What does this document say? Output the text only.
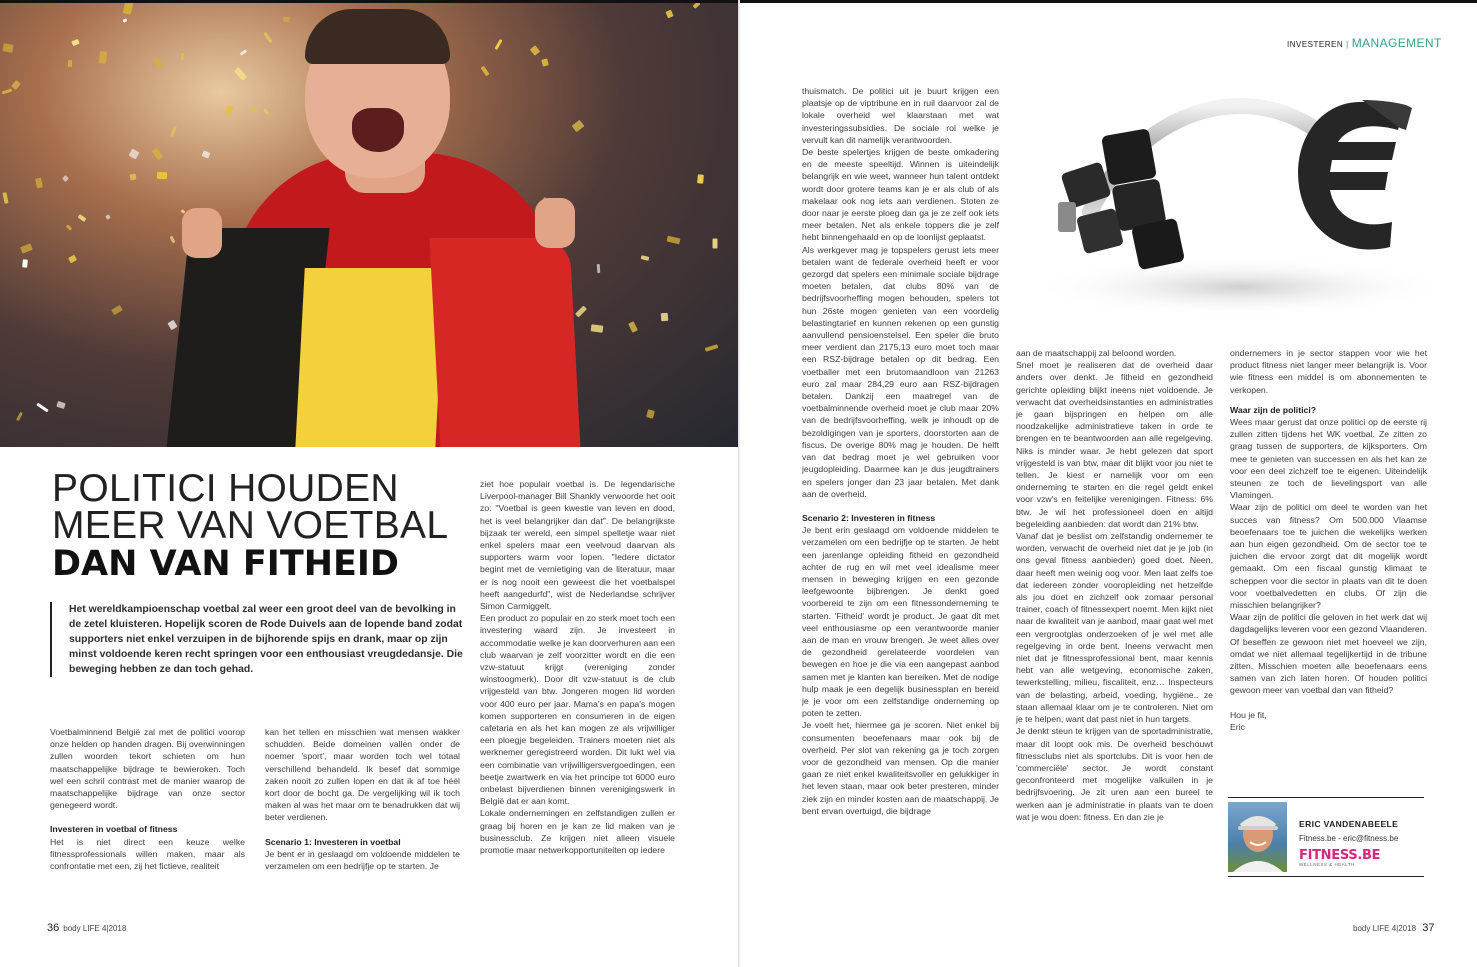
POLITICI HOUDEN
MEER VAN VOETBAL
DAN VAN FITHEID

Het wereldkampioenschap voetbal zal weer een groot deel van de bevolking in de zetel kluisteren. Hopelijk scoren de Rode Duivels aan de lopende band zodat supporters niet enkel verzuipen in de bijhorende spijs en drank, maar op zijn minst voldoende keren recht springen voor een enthousiast vreugdedansje. Die beweging hebben ze dan toch gehad.

Voetbalminnend België zal met de politici voorop onze helden op handen dragen. Bij overwinningen zullen woorden tekort schieten om hun maatschappelijke bijdrage te bewieroken. Toch wel een schril contrast met de manier waarop de maatschappelijke bijdrage van onze sector genegeerd wordt.

Investeren in voetbal of fitness

Het is niet direct een keuze welke fitnessprofessionals willen maken, maar als confrontatie met een, zij het fictieve, realiteit

kan het tellen en misschien wat mensen wakker schudden. Beide domeinen vallen onder de noemer 'sport', maar worden toch wel totaal verschillend behandeld. Ik besef dat sommige zaken nooit zo zullen lopen en dat ik af toe héél kort door de bocht ga. De vergelijking wil ik toch maken al was het maar om te benadrukken dat wij beter verdienen.

Scenario 1: Investeren in voetbal

Je bent er in geslaagd om voldoende middelen te verzamelen om een bedrijfje op te starten. Je

ziet hoe populair voetbal is. De legendarische Liverpool-manager Bill Shankly verwoorde het ooit zo: "Voetbal is geen kwestie van leven en dood, het is veel belangrijker dan dat". De belangrijkste bijzaak ter wereld, een simpel spelletje waar niet enkel spelers maar een veelvoud daarvan als supporters warm voor lopen. "Iedere dictator begint met de vernietiging van de literatuur, maar er is nog nooit een geweest die het voetbalspel heeft aangedurfd", wist de Nederlandse schrijver Simon Carmiggelt.

Een product zo populair en zo sterk moet toch een investering waard zijn. Je investeert in accommodatie welke je kan doorverhuren aan een club waarvan je zelf voorzitter wordt en die een vzw-statuut krijgt (vereniging zonder winstoogmerk). Door dit vzw-statuut is de club vrijgesteld van btw. Jongeren mogen lid worden voor 400 euro per jaar. Mama's en papa's mogen komen supporteren en consumeren in de eigen cafetaria en als het kan mogen ze als vrijwilliger een ploegje begeleiden. Trainers moeten niet als werknemer geregistreerd worden. Dit lukt wel via een combinatie van vrijwilligersvergoedingen, een beetje zwartwerk en via het principe tot 6000 euro onbelast bijverdienen binnen verenigingswerk in België dat er aan komt.

Lokale ondernemingen en zelfstandigen zullen er graag bij horen en je kan ze lid maken van je businessclub. Ze krijgen niet alleen visuele promotie maar netwerkopportuniteiten op iedere

thuismatch. De politici uit je buurt krijgen een plaatsje op de viptribune en in ruil daarvoor zal de lokale overheid wel klaarstaan met wat investeringssubsidies. De sociale rol welke je vervult kan dit namelijk verantwoorden.

De beste spelertjes krijgen de beste omkadering en de meeste speeltijd. Winnen is uiteindelijk belangrijk en wie weet, wanneer hun talent ontdekt wordt door grotere teams kan je er als club of als makelaar ook nog iets aan verdienen. Stoten ze door naar je eerste ploeg dan ga je ze zelf ook iets meer betalen. Net als enkele toppers die je zelf hebt binnengehaald en op de loonlijst geplaatst.

Als werkgever mag je topspelers gerust iets meer betalen want de federale overheid heeft er voor gezorgd dat spelers een minimale sociale bijdrage moeten betalen, dat clubs 80% van de bedrijfsvoorheffing mogen behouden, spelers tot hun 26ste mogen genieten van een voordelig belastingtarief en kunnen rekenen op een gunstig aanvullend pensioenstelsel. Een speler die bruto meer verdient dan 2175,13 euro moet toch maar een RSZ-bijdrage betalen op dit bedrag. Een voetballer met een brutomaandloon van 21263 euro zal maar 284,29 euro aan RSZ-bijdragen betalen. Dankzij een maatregel van de voetbalminnende overheid moet je club maar 20% van de bedrijfsvoorheffing, welk je inhoudt op de bezoldigingen van je sporters, doorstorten aan de fiscus. De overige 80% mag je houden. De helft van dat bedrag moet je wel gebruiken voor jeugdopleiding. Daarmee kan je dus jeugdtrainers en spelers jonger dan 23 jaar betalen. Met dank aan de overheid.

Scenario 2: Investeren in fitness

Je bent erin geslaagd om voldoende middelen te verzamelen om een bedrijfje op te starten. Je hebt een jarenlange opleiding fitheid en gezondheid achter de rug en wil met veel idealisme meer mensen in beweging krijgen en een gezonde leefgewoonte bijbrengen. Je denkt goed voorbereid te zijn om een fitnessonderneming te starten. 'Fitheid' wordt je product. Je gaat dit met veel enthousiasme op een verantwoorde manier aan de man en vrouw brengen. Je weet alles over de gezondheid gerelateerde voordelen van bewegen en hoe je die via een aangepast aanbod samen met je klanten kan bereiken. Met de nodige hulp maak je een degelijk businessplan en bereid je je voor om een zelfstandige onderneming op poten te zetten.

Je voelt het, hiermee ga je scoren. Niet enkel bij consumenten beoefenaars maar ook bij de overheid. Per slot van rekening ga je toch zorgen voor de gezondheid van mensen. Op die manier gaan ze niet enkel kwaliteitsvoller en gelukkiger in het leven staan, maar ook beter presteren, minder ziek zijn en minder kosten aan de maatschappij. Je bent ervan overtuigd, die bijdrage

aan de maatschappij zal beloond worden.

Snel moet je realiseren dat de overheid daar anders over denkt. Je fitheid en gezondheid gerichte opleiding blijkt ineens niet voldoende. Je verwacht dat overheidsinstanties en administraties je gaan bijspringen en helpen om alle noodzakelijke administratieve taken in orde te brengen en te beantwoorden aan alle regelgeving. Niks is minder waar. Je hebt gelezen dat sport vrijgesteld is van btw, maar dit blijkt voor jou niet te tellen. Je kiest er namelijk voor om een onderneming te starten en die regel geldt enkel voor vzw's en feitelijke verenigingen. Fitness: 6% btw. Je wil het professioneel doen en altijd begeleiding aanbieden: dat wordt dan 21% btw.

Vanaf dat je beslist om zelfstandig ondernemer te worden, verwacht de overheid niet dat je je job (in ons geval fitness aanbieden) goed doet. Neen, daar heeft men weinig oog voor. Men laat zelfs toe dat iedereen zonder vooropleiding net hetzelfde als jou doet en zichzelf ook zomaar personal trainer, coach of fitnessexpert noemt. Men kijkt niet naar de kwaliteit van je aanbod, maar gaat wel met een vergrootglas onderzoeken of je wel met alle regelgeving in orde bent. Ineens verwacht men niet dat je fitnessprofessional bent, maar kennis hebt van alle wetgeving, economische zaken, tewerkstelling, milieu, fiscaliteit, enz… Inspecteurs van de belasting, arbeid, voeding, hygiëne.. ze staan allemaal klaar om je te controleren. Niet om je te helpen, want dat past niet in hun targets.

Je denkt steun te krijgen van de sportadministratie, maar dit loopt ook mis. De overheid beschouwt fitnessclubs niet als sportclubs. Dit is voor hen de 'commerciële' sector. Je wordt constant geconfronteerd met mogelijke valkuilen in je bedrijfsvoering. Je zit uren aan een bureel te werken aan je administratie in plaats van te doen wat je wou doen: fitness. En dan zie je

ondernemers in je sector stappen voor wie het product fitness niet langer meer belangrijk is. Voor wie fitness een middel is om abonnementen te verkopen.

Waar zijn de politici?

Wees maar gerust dat onze politici op de eerste rij zullen zitten tijdens het WK voetbal. Ze zitten zo graag tussen de supporters, de kijksporters. Om mee te genieten van successen en als het kan ze voor een deel zichzelf toe te eigenen. Uiteindelijk steunen ze toch de lievelingsport van alle Vlamingen.

Waar zijn de politici om deel te worden van het succes van fitness? Om 500.000 Vlaamse beoefenaars toe te juichen die wekelijks werken aan hun eigen gezondheid. Om de sector toe te juichen die ervoor zorgt dat dit mogelijk wordt gemaakt. Om een fiscaal gunstig klimaat te scheppen voor die sector in plaats van dit te doen voor voetbalvedetten en clubs. Of zijn die misschien belangrijker?

Waar zijn de politici die geloven in het werk dat wij dagdagelijks leveren voor een gezond Vlaanderen. Of beseffen ze gewoon niet met hoeveel we zijn, omdat we niet allemaal tegelijkertijd in de tribune zitten. Misschien moeten alle beoefenaars eens samen van zich laten horen. Of houden politici gewoon meer van voetbal dan van fitheid?

Hou je fit,

Eric

ERIC VANDENABEELE
Fitness.be - eric@fitness.be
FITNESS.BE
WELLNESS & HEALTH
INVESTEREN | MANAGEMENT
36 body LIFE 4|2018	body LIFE 4|2018 37
